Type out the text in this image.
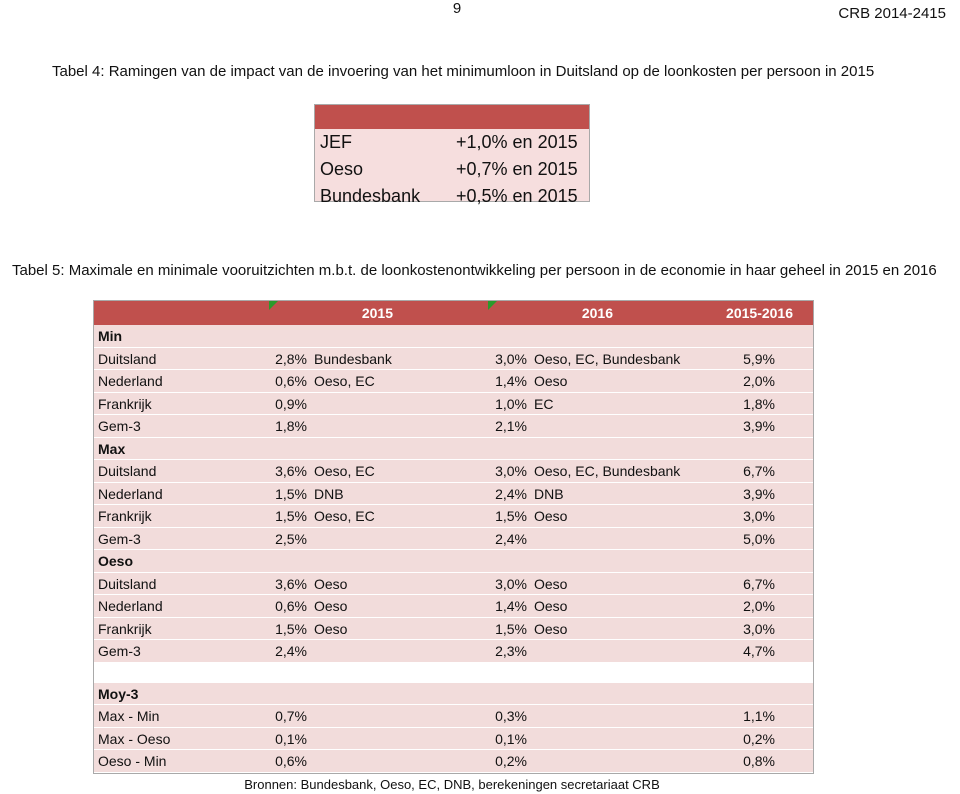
9	CRB 2014-2415
Tabel 4: Ramingen van de impact van de invoering van het minimumloon in Duitsland op de loonkosten per persoon in 2015
JEF	+1,0% en 2015
Oeso	+0,7% en 2015
Bundesbank +0,5% en 2015
Tabel 5: Maximale en minimale vooruitzichten m.b.t. de loonkostenontwikkeling per persoon in de economie in haar geheel in 2015 en 2016
2015	2016	2015-2016
Min
Duitsland	2,8% Bundesbank	3,0% Oeso, EC, Bundesbank	5,9%
Nederland	0,6% Oeso, EC	1,4% Oeso	2,0%
Frankrijk	0,9%	1,0% EC	1,8%
Gem-3	1,8%	2,1%	3,9%
Max
Duitsland	3,6% Oeso, EC	3,0% Oeso, EC, Bundesbank	6,7%
Nederland	1,5% DNB	2,4% DNB	3,9%
Frankrijk	1,5% Oeso, EC	1,5% Oeso	3,0%
Gem-3	2,5%	2,4%	5,0%
Oeso
Duitsland	3,6% Oeso	3,0% Oeso	6,7%
Nederland	0,6% Oeso	1,4% Oeso	2,0%
Frankrijk	1,5% Oeso	1,5% Oeso	3,0%
Gem-3	2,4%	2,3%	4,7%
Moy-3
Max - Min	0,7%	0,3%	1,1%
Max - Oeso	0,1%	0,1%	0,2%
Oeso - Min	0,6%	0,2%	0,8%
Bronnen: Bundesbank, Oeso, EC, DNB, berekeningen secretariaat CRB
